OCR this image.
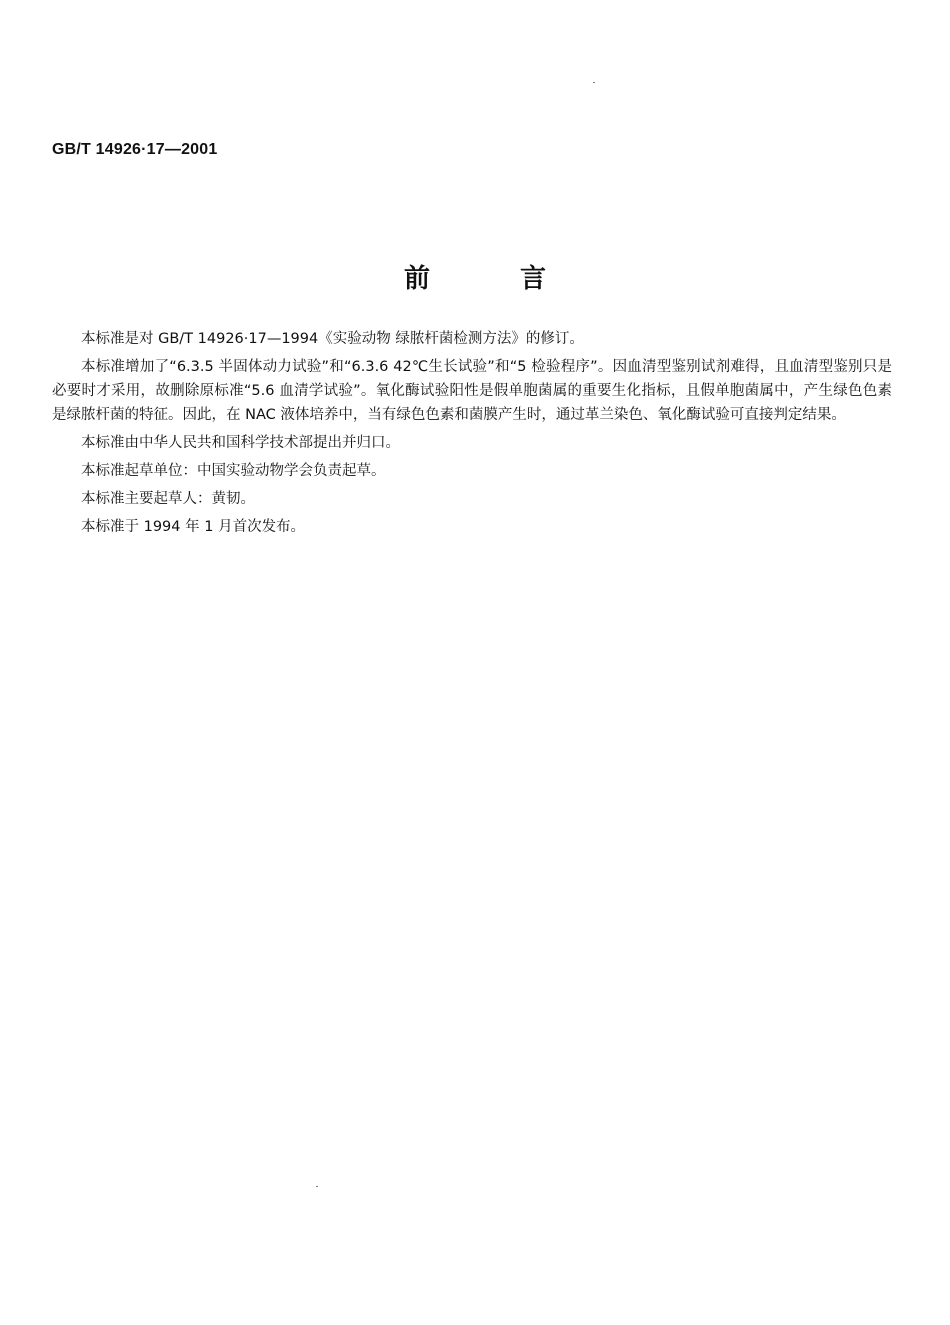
GB/T 14926·17—2001
前言

本标准是对 GB/T 14926·17—1994《实验动物 绿脓杆菌检测方法》的修订。

本标准增加了“6.3.5 半固体动力试验”和“6.3.6 42℃生长试验”和“5 检验程序”。因血清型鉴别试剂难得，且血清型鉴别只是必要时才采用，故删除原标准“5.6 血清学试验”。氧化酶试验阳性是假单胞菌属的重要生化指标，且假单胞菌属中，产生绿色色素是绿脓杆菌的特征。因此，在 NAC 液体培养中，当有绿色色素和菌膜产生时，通过革兰染色、氧化酶试验可直接判定结果。

本标准由中华人民共和国科学技术部提出并归口。

本标准起草单位：中国实验动物学会负责起草。

本标准主要起草人：黄韧。

本标准于 1994 年 1 月首次发布。
